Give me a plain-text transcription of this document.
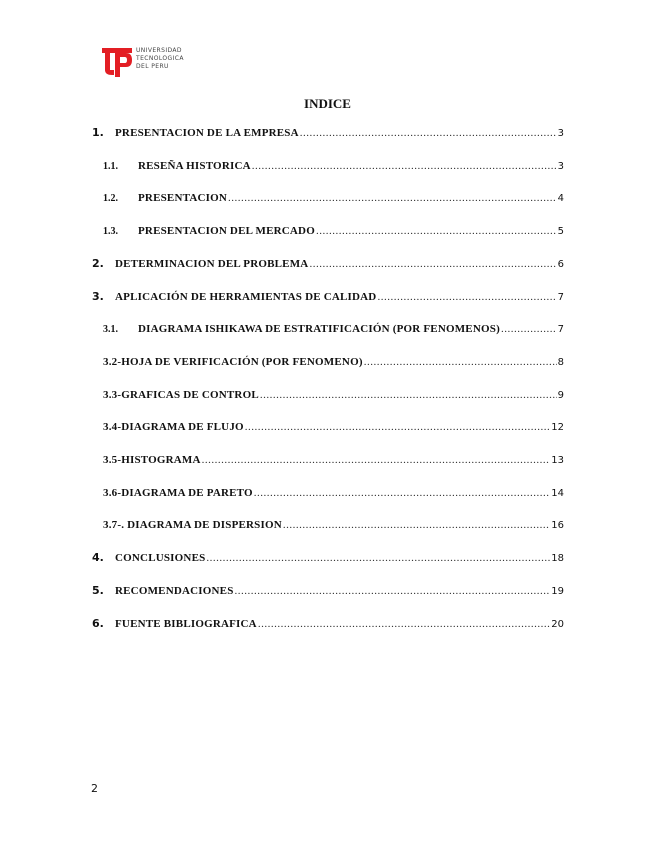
UNIVERSIDAD
TECNOLOGICA
DEL PERU
INDICE
1.	PRESENTACION DE LA EMPRESA .....	3
1.1.	RESEÑA HISTORICA .....	3
1.2.	PRESENTACION .....	4
1.3.	PRESENTACION DEL MERCADO .....	5
2.	DETERMINACION DEL PROBLEMA .....	6
3.	APLICACIÓN DE HERRAMIENTAS DE CALIDAD .....	7
3.1.	DIAGRAMA ISHIKAWA DE ESTRATIFICACIÓN (POR FENOMENOS) .....	7
3.2-HOJA DE VERIFICACIÓN (POR FENOMENO) .....	8
3.3-GRAFICAS DE CONTROL .....	9
3.4-DIAGRAMA DE FLUJO .....	12
3.5-HISTOGRAMA .....	13
3.6-DIAGRAMA DE PARETO .....	14
3.7-. DIAGRAMA DE DISPERSION .....	16
4.	CONCLUSIONES .....	18
5.	RECOMENDACIONES .....	19
6.	FUENTE BIBLIOGRAFICA .....	20
2
